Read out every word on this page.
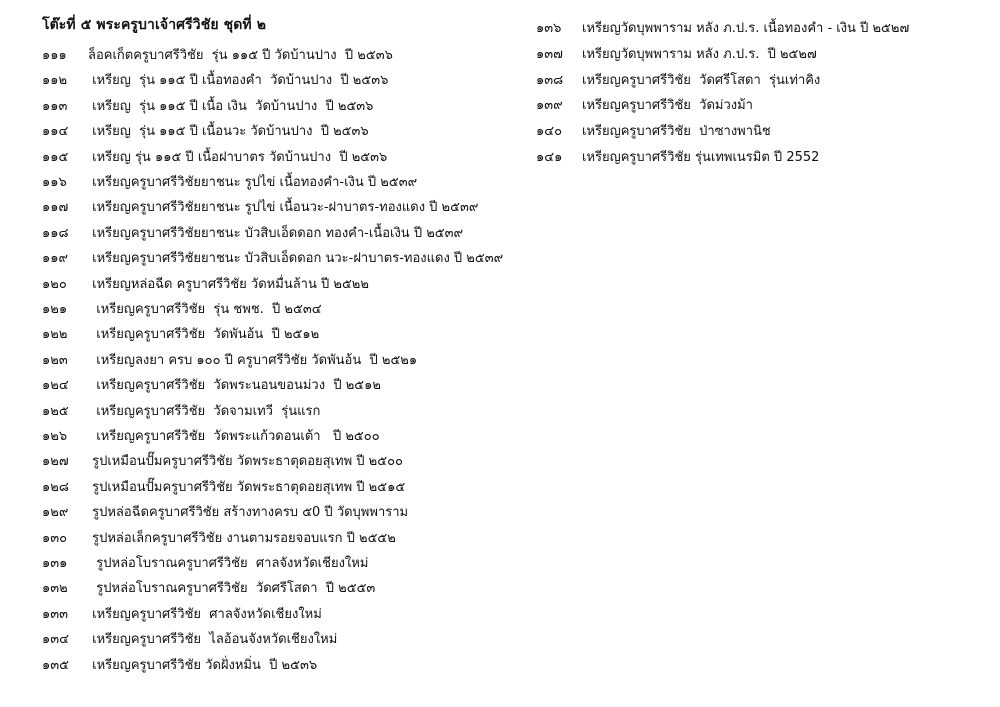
โต๊ะที่ ๕ พระครูบาเจ้าศรีวิชัย ชุดที่ ๒
๑๑๑	ล็อคเก็ตครูบาศรีวิชัย  รุ่น ๑๑๕ ปี วัดบ้านปาง  ปี ๒๕๓๖
๑๑๒	เหรียญ  รุ่น ๑๑๕ ปี เนื้อทองคำ  วัดบ้านปาง  ปี ๒๕๓๖
๑๑๓	เหรียญ  รุ่น ๑๑๕ ปี เนื้อ เงิน  วัดบ้านปาง  ปี ๒๕๓๖
๑๑๔	เหรียญ  รุ่น ๑๑๕ ปี เนื้อนวะ วัดบ้านปาง  ปี ๒๕๓๖
๑๑๕	เหรียญ รุ่น ๑๑๕ ปี เนื้อฝาบาตร วัดบ้านปาง  ปี ๒๕๓๖
๑๑๖	เหรียญครูบาศรีวิชัยยาชนะ รูปไข่ เนื้อทองคำ-เงิน ปี ๒๕๓๙
๑๑๗	เหรียญครูบาศรีวิชัยยาชนะ รูปไข่ เนื้อนวะ-ฝาบาตร-ทองแดง ปี ๒๕๓๙
๑๑๘	เหรียญครูบาศรีวิชัยยาชนะ บัวสิบเอ็ดดอก ทองคำ-เนื้อเงิน ปี ๒๕๓๙
๑๑๙	เหรียญครูบาศรีวิชัยยาชนะ บัวสิบเอ็ดดอก นวะ-ฝาบาตร-ทองแดง ปี ๒๕๓๙
๑๒๐	เหรียญหล่อฉีด ครูบาศรีวิชัย วัดหมื่นล้าน ปี ๒๕๒๒
๑๒๑	เหรียญครูบาศรีวิชัย  รุ่น ชพช.  ปี ๒๕๓๔
๑๒๒	เหรียญครูบาศรีวิชัย  วัดพันอ้น  ปี ๒๕๑๒
๑๒๓	เหรียญลงยา ครบ ๑๐๐ ปี ครูบาศรีวิชัย วัดพันอ้น  ปี ๒๕๒๑
๑๒๔	เหรียญครูบาศรีวิชัย  วัดพระนอนขอนม่วง  ปี ๒๕๑๒
๑๒๕	เหรียญครูบาศรีวิชัย  วัดจามเทวี  รุ่นแรก
๑๒๖	เหรียญครูบาศรีวิชัย  วัดพระแก้วดอนเต้า   ปี ๒๕๐๐
๑๒๗	รูปเหมือนปั๊มครูบาศรีวิชัย วัดพระธาตุดอยสุเทพ ปี ๒๕๐๐
๑๒๘	รูปเหมือนปั๊มครูบาศรีวิชัย วัดพระธาตุดอยสุเทพ ปี ๒๕๑๕
๑๒๙	รูปหล่อฉีดครูบาศรีวิชัย สร้างทางครบ ๕0 ปี วัดบุพพาราม
๑๓๐	รูปหล่อเล็กครูบาศรีวิชัย งานตามรอยจอบแรก ปี ๒๕๕๒
๑๓๑	รูปหล่อโบราณครูบาศรีวิชัย  ศาลจังหวัดเชียงใหม่
๑๓๒	รูปหล่อโบราณครูบาศรีวิชัย  วัดศรีโสดา  ปี ๒๕๕๓
๑๓๓	เหรียญครูบาศรีวิชัย  ศาลจังหวัดเชียงใหม่
๑๓๔	เหรียญครูบาศรีวิชัย  ไลอ้อนจังหวัดเชียงใหม่
๑๓๕	เหรียญครูบาศรีวิชัย วัดฝั่งหมิ่น  ปี ๒๕๓๖
๑๓๖	เหรียญวัดบุพพาราม หลัง ภ.ป.ร. เนื้อทองคำ - เงิน ปี ๒๕๒๗
๑๓๗	เหรียญวัดบุพพาราม หลัง ภ.ป.ร.  ปี ๒๕๒๗
๑๓๘	เหรียญครูบาศรีวิชัย  วัดศรีโสดา  รุ่นเท่าคิง
๑๓๙	เหรียญครูบาศรีวิชัย  วัดม่วงม้า
๑๔๐	เหรียญครูบาศรีวิชัย  ป่าซางพานิช
๑๔๑	เหรียญครูบาศรีวิชัย รุ่นเทพเนรมิต ปี 2552
